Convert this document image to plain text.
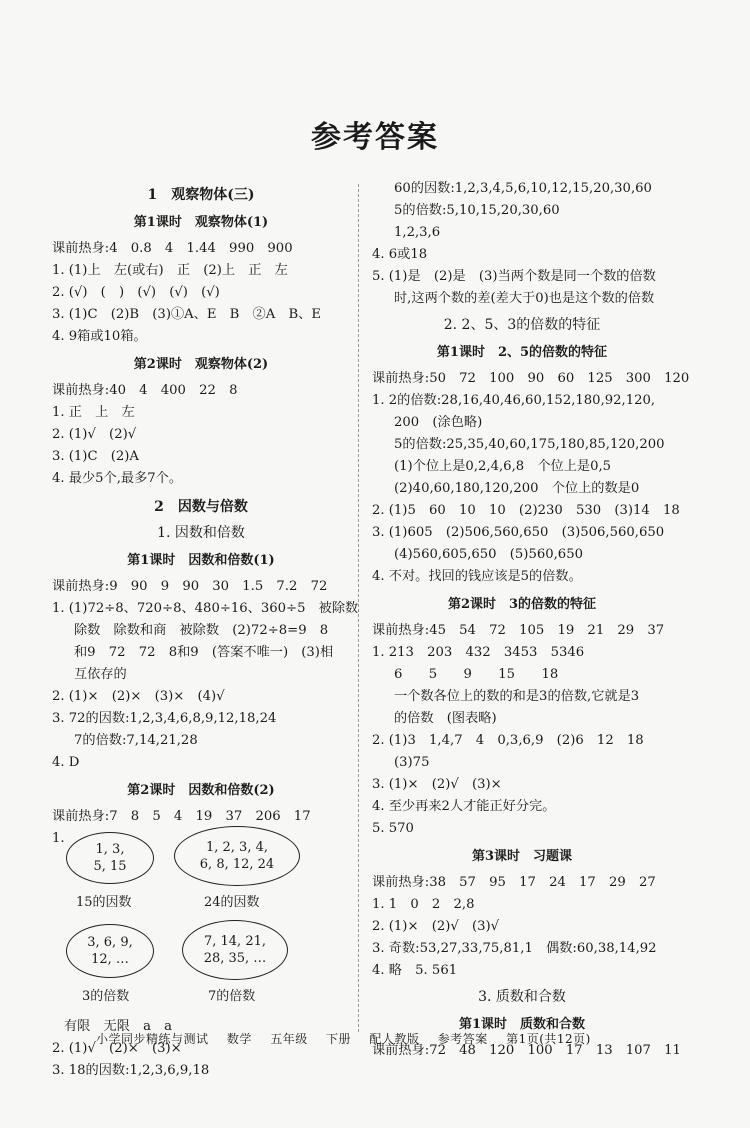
参考答案
1　观察物体(三)
第1课时　观察物体(1)
课前热身:4　0.8　4　1.44　990　900
1. (1)上　左(或右)　正　(2)上　正　左
2. (√)　(　)　(√)　(√)　(√)
3. (1)C　(2)B　(3)①A、E　B　②A　B、E
4. 9箱或10箱。
第2课时　观察物体(2)
课前热身:40　4　400　22　8
1. 正　上　左
2. (1)√　(2)√
3. (1)C　(2)A
4. 最少5个,最多7个。
2　因数与倍数
1. 因数和倍数
第1课时　因数和倍数(1)
课前热身:9　90　9　90　30　1.5　7.2　72
1. (1)72÷8、720÷8、480÷16、360÷5　被除数
除数　除数和商　被除数　(2)72÷8=9　8
和9　72　72　8和9　(答案不唯一)　(3)相
互依存的
2. (1)×　(2)×　(3)×　(4)√
3. 72的因数:1,2,3,4,6,8,9,12,18,24
7的倍数:7,14,21,28
4. D
第2课时　因数和倍数(2)
课前热身:7　8　5　4　19　37　206　17
1.
1, 3,
5, 15
1, 2, 3, 4,
6, 8, 12, 24
15的因数	24的因数
3, 6, 9,
12, …
7, 14, 21,
28, 35, …
3的倍数	7的倍数
有限　无限　a　a
2. (1)√　(2)×　(3)×
3. 18的因数:1,2,3,6,9,18
60的因数:1,2,3,4,5,6,10,12,15,20,30,60
5的倍数:5,10,15,20,30,60
1,2,3,6
4. 6或18
5. (1)是　(2)是　(3)当两个数是同一个数的倍数
时,这两个数的差(差大于0)也是这个数的倍数
2. 2、5、3的倍数的特征
第1课时　2、5的倍数的特征
课前热身:50　72　100　90　60　125　300　120
1. 2的倍数:28,16,40,46,60,152,180,92,120,
200　(涂色略)
5的倍数:25,35,40,60,175,180,85,120,200
(1)个位上是0,2,4,6,8　个位上是0,5
(2)40,60,180,120,200　个位上的数是0
2. (1)5　60　10　10　(2)230　530　(3)14　18
3. (1)605　(2)506,560,650　(3)506,560,650
(4)560,605,650　(5)560,650
4. 不对。找回的钱应该是5的倍数。
第2课时　3的倍数的特征
课前热身:45　54　72　105　19　21　29　37
1. 213　203　432　3453　5346
6　　5　　9　　15　　18
一个数各位上的数的和是3的倍数,它就是3
的倍数　(图表略)
2. (1)3　1,4,7　4　0,3,6,9　(2)6　12　18
(3)75
3. (1)×　(2)√　(3)×
4. 至少再来2人才能正好分完。
5. 570
第3课时　习题课
课前热身:38　57　95　17　24　17　29　27
1. 1　0　2　2,8
2. (1)×　(2)√　(3)√
3. 奇数:53,27,33,75,81,1　偶数:60,38,14,92
4. 略　5. 561
3. 质数和合数
第1课时　质数和合数
课前热身:72　48　120　100　17　13　107　11
小学同步精练与测试 数学 五年级 下册 配人教版 参考答案 第1页(共12页)
